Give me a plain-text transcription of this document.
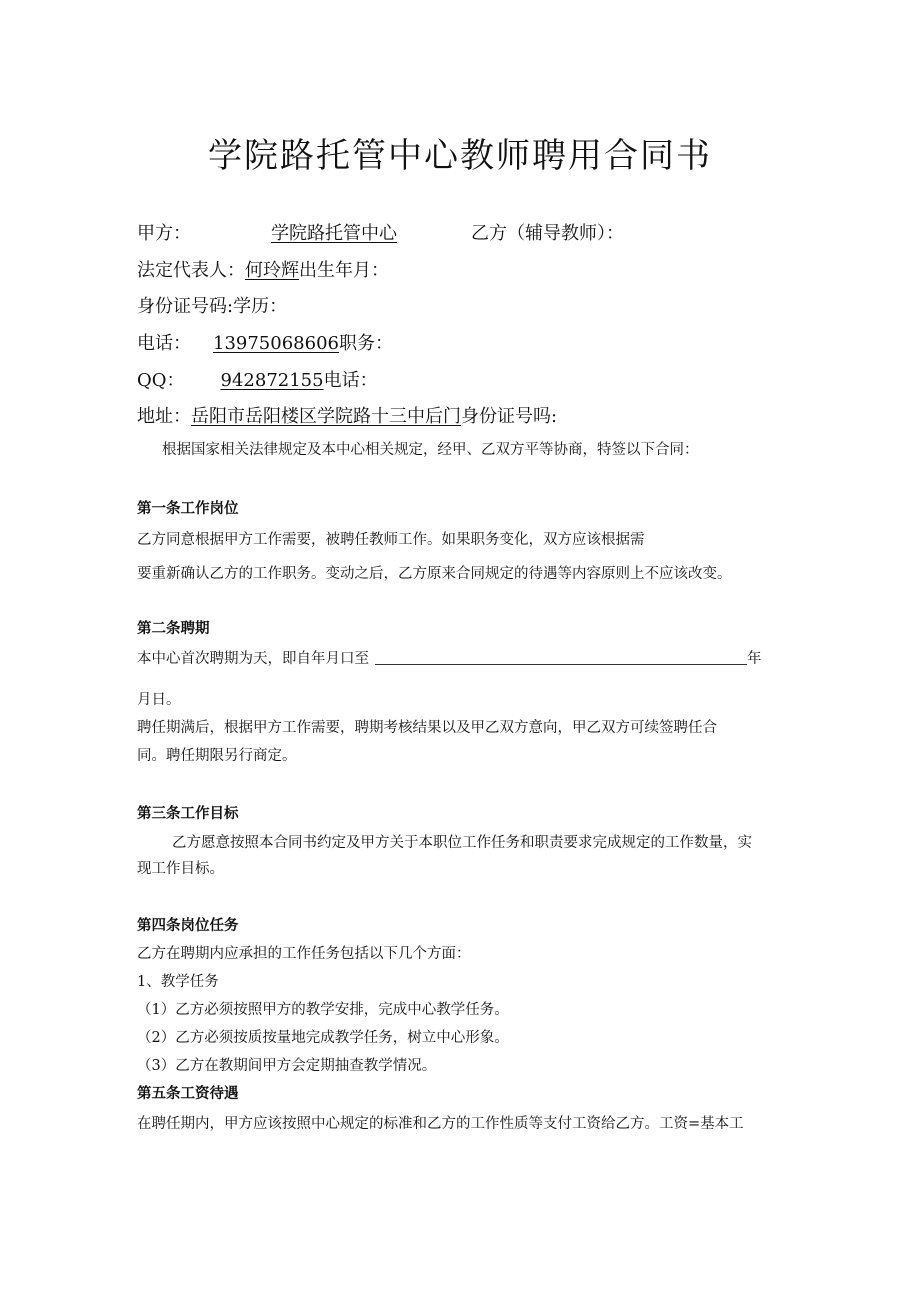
学院路托管中心教师聘用合同书
甲方：	学院路托管中心	乙方（辅导教师）：
法定代表人：何玲辉出生年月：
身份证号码:学历：
电话： 13975068606职务：
QQ： 942872155电话：
地址：岳阳市岳阳楼区学院路十三中后门身份证号吗:
根据国家相关法律规定及本中心相关规定，经甲、乙双方平等协商，特签以下合同：
第一条工作岗位
乙方同意根据甲方工作需要，被聘任教师工作。如果职务变化，双方应该根据需
要重新确认乙方的工作职务。变动之后，乙方原来合同规定的待遇等内容原则上不应该改变。
第二条聘期
本中心首次聘期为天，即自年月口至	年
月日。
聘任期满后，根据甲方工作需要，聘期考核结果以及甲乙双方意向，甲乙双方可续签聘任合
同。聘任期限另行商定。
第三条工作目标
乙方愿意按照本合同书约定及甲方关于本职位工作任务和职责要求完成规定的工作数量，实
现工作目标。
第四条岗位任务
乙方在聘期内应承担的工作任务包括以下几个方面：
1、教学任务
（1）乙方必须按照甲方的教学安排，完成中心教学任务。
（2）乙方必须按质按量地完成教学任务，树立中心形象。
（3）乙方在教期间甲方会定期抽查教学情况。
第五条工资待遇
在聘任期内，甲方应该按照中心规定的标准和乙方的工作性质等支付工资给乙方。工资=基本工
